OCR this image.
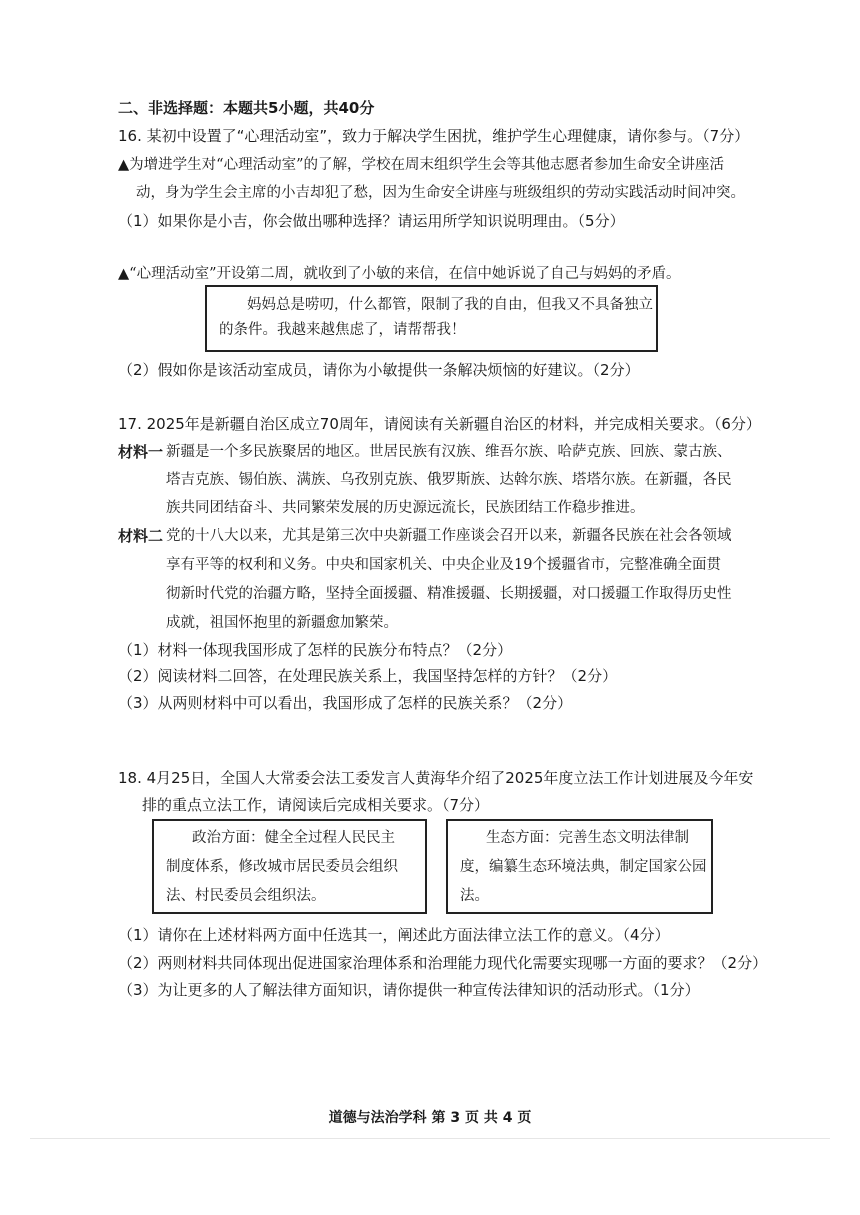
二、非选择题：本题共5小题，共40分
16. 某初中设置了“心理活动室”，致力于解决学生困扰，维护学生心理健康，请你参与。（7分）
▲为增进学生对“心理活动室”的了解，学校在周末组织学生会等其他志愿者参加生命安全讲座活
动，身为学生会主席的小吉却犯了愁，因为生命安全讲座与班级组织的劳动实践活动时间冲突。
（1）如果你是小吉，你会做出哪种选择？请运用所学知识说明理由。（5分）
▲“心理活动室”开设第二周，就收到了小敏的来信，在信中她诉说了自己与妈妈的矛盾。

妈妈总是唠叨，什么都管，限制了我的自由，但我又不具备独立

的条件。我越来越焦虑了，请帮帮我！

（2）假如你是该活动室成员，请你为小敏提供一条解决烦恼的好建议。（2分）
17. 2025年是新疆自治区成立70周年，请阅读有关新疆自治区的材料，并完成相关要求。（6分）
材料一 新疆是一个多民族聚居的地区。世居民族有汉族、维吾尔族、哈萨克族、回族、蒙古族、
塔吉克族、锡伯族、满族、乌孜别克族、俄罗斯族、达斡尔族、塔塔尔族。在新疆，各民
族共同团结奋斗、共同繁荣发展的历史源远流长，民族团结工作稳步推进。
材料二 党的十八大以来，尤其是第三次中央新疆工作座谈会召开以来，新疆各民族在社会各领域
享有平等的权利和义务。中央和国家机关、中央企业及19个援疆省市，完整准确全面贯
彻新时代党的治疆方略，坚持全面援疆、精准援疆、长期援疆，对口援疆工作取得历史性
成就，祖国怀抱里的新疆愈加繁荣。
（1）材料一体现我国形成了怎样的民族分布特点？（2分）
（2）阅读材料二回答，在处理民族关系上，我国坚持怎样的方针？（2分）
（3）从两则材料中可以看出，我国形成了怎样的民族关系？（2分）
18. 4月25日，全国人大常委会法工委发言人黄海华介绍了2025年度立法工作计划进展及今年安
排的重点立法工作，请阅读后完成相关要求。（7分）

政治方面：健全全过程人民民主

制度体系，修改城市居民委员会组织

法、村民委员会组织法。

生态方面：完善生态文明法律制

度，编纂生态环境法典，制定国家公园

法。

（1）请你在上述材料两方面中任选其一，阐述此方面法律立法工作的意义。（4分）
（2）两则材料共同体现出促进国家治理体系和治理能力现代化需要实现哪一方面的要求？（2分）
（3）为让更多的人了解法律方面知识，请你提供一种宣传法律知识的活动形式。（1分）
道德与法治学科 第 3 页 共 4 页
